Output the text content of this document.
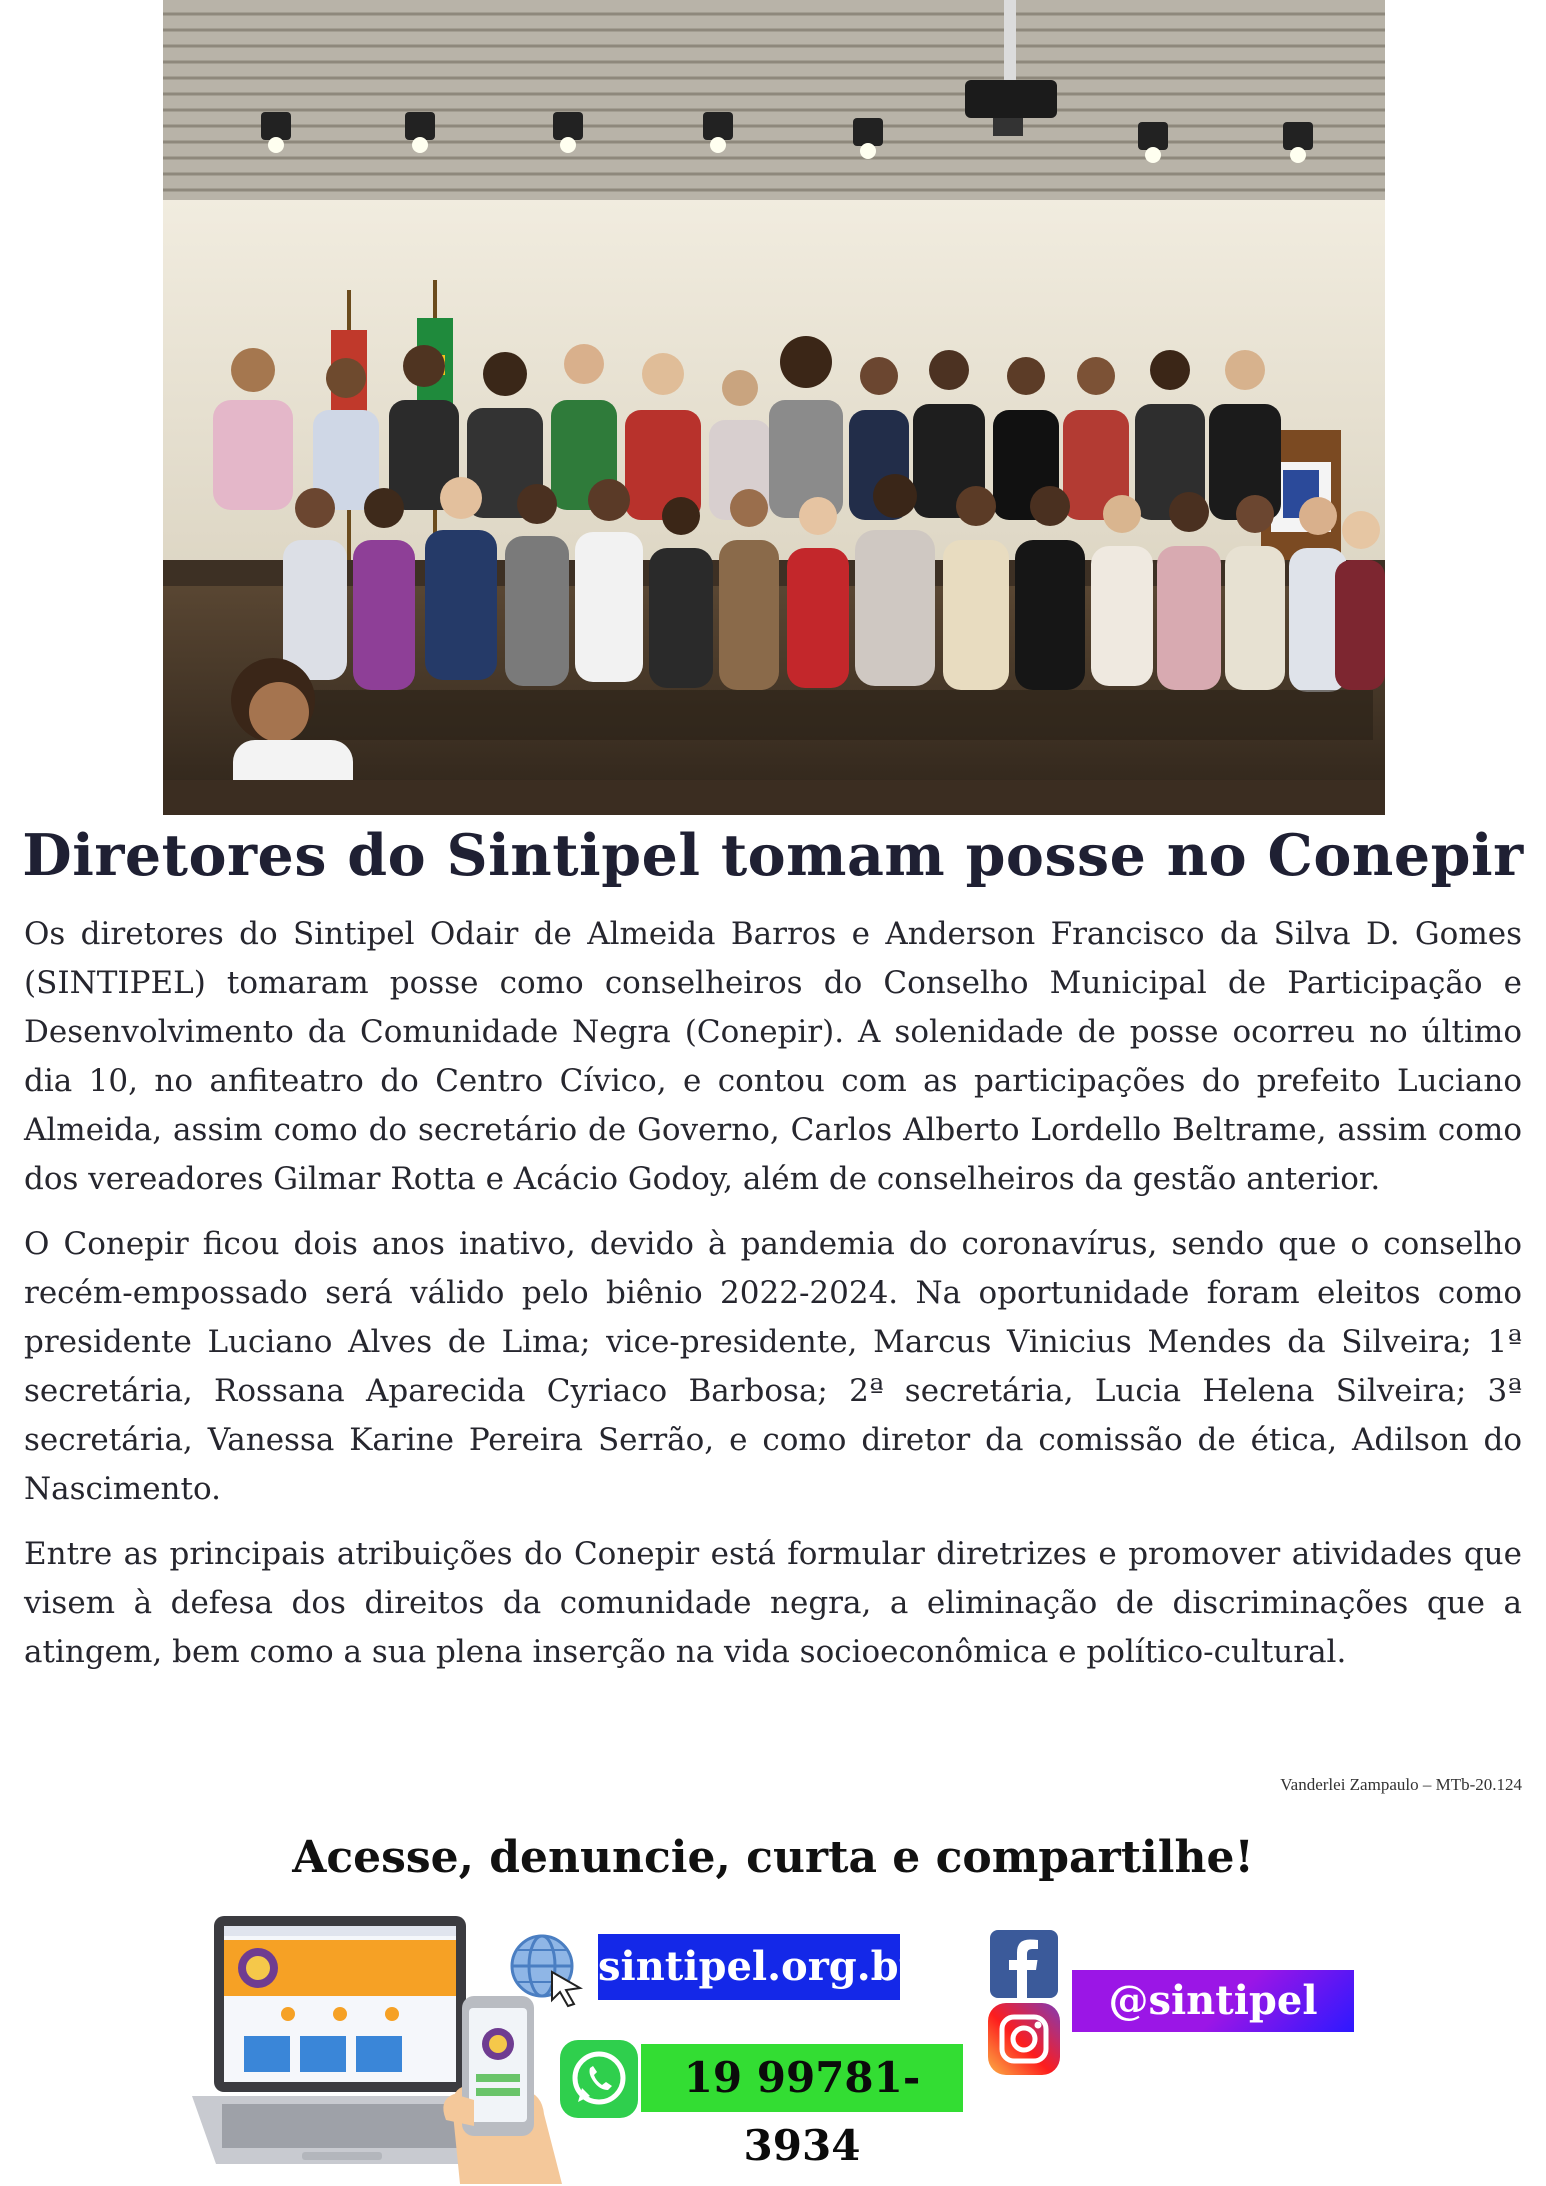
Diretores do Sintipel tomam posse no Conepir

Os diretores do Sintipel Odair de Almeida Barros e Anderson Francisco da Silva D. Gomes (SINTIPEL) tomaram posse como conselheiros do Conselho Municipal de Participação e Desenvolvimento da Comunidade Negra (Conepir). A solenidade de posse ocorreu no último dia 10, no anfiteatro do Centro Cívico, e contou com as participações do prefeito Luciano Almeida, assim como do secretário de Governo, Carlos Alberto Lordello Beltrame, assim como dos vereadores Gilmar Rotta e Acácio Godoy, além de conselheiros da gestão anterior.

O Conepir ficou dois anos inativo, devido à pandemia do coronavírus, sendo que o conselho recém-empossado será válido pelo biênio 2022-2024. Na oportunidade foram eleitos como presidente Luciano Alves de Lima; vice-presidente, Marcus Vinicius Mendes da Silveira; 1ª secretária, Rossana Aparecida Cyriaco Barbosa; 2ª secretária, Lucia Helena Silveira; 3ª secretária, Vanessa Karine Pereira Serrão, e como diretor da comissão de ética, Adilson do Nascimento.

Entre as principais atribuições do Conepir está formular diretrizes e promover atividades que visem à defesa dos direitos da comunidade negra, a eliminação de discriminações que a atingem, bem como a sua plena inserção na vida socioeconômica e político-cultural.

Vanderlei Zampaulo – MTb-20.124
Acesse, denuncie, curta e compartilhe!
sintipel.org.br
19 99781-3934
@sintipel
